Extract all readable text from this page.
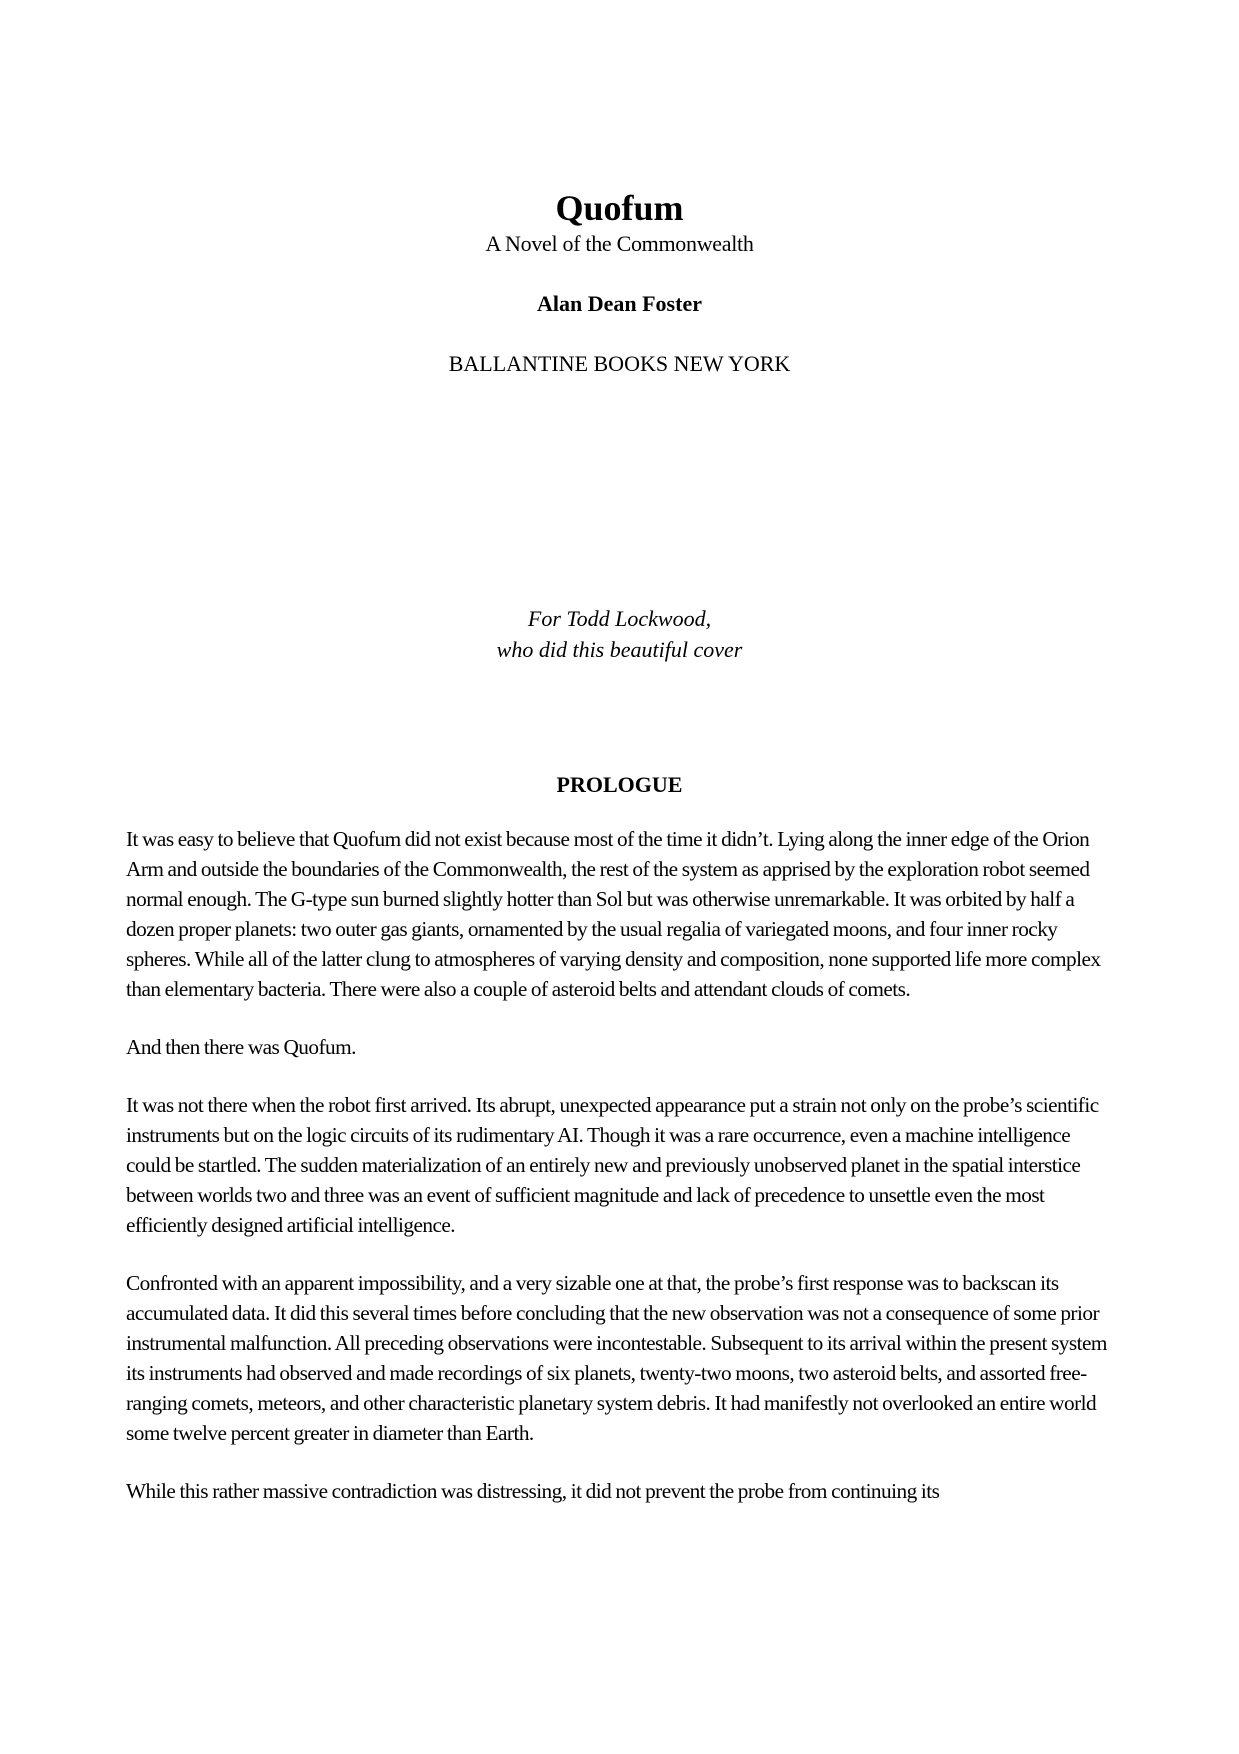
Quofum
A Novel of the Commonwealth
Alan Dean Foster
BALLANTINE BOOKS NEW YORK
For Todd Lockwood,
who did this beautiful cover
PROLOGUE

It was easy to believe that Quofum did not exist because most of the time it didn’t. Lying along the inner edge of the Orion Arm and outside the boundaries of the Commonwealth, the rest of the system as apprised by the exploration robot seemed normal enough. The G-type sun burned slightly hotter than Sol but was otherwise unremarkable. It was orbited by half a dozen proper planets: two outer gas giants, ornamented by the usual regalia of variegated moons, and four inner rocky spheres. While all of the latter clung to atmospheres of varying density and composition, none supported life more complex than elementary bacteria. There were also a couple of asteroid belts and attendant clouds of comets.

And then there was Quofum.

It was not there when the robot first arrived. Its abrupt, unexpected appearance put a strain not only on the probe’s scientific instruments but on the logic circuits of its rudimentary AI. Though it was a rare occurrence, even a machine intelligence could be startled. The sudden materialization of an entirely new and previously unobserved planet in the spatial interstice between worlds two and three was an event of sufficient magnitude and lack of precedence to unsettle even the most efficiently designed artificial intelligence.

Confronted with an apparent impossibility, and a very sizable one at that, the probe’s first response was to backscan its accumulated data. It did this several times before concluding that the new observation was not a consequence of some prior instrumental malfunction. All preceding observations were incontestable. Subsequent to its arrival within the present system its instruments had observed and made recordings of six planets, twenty-two moons, two asteroid belts, and assorted free-ranging comets, meteors, and other characteristic planetary system debris. It had manifestly not overlooked an entire world some twelve percent greater in diameter than Earth.

While this rather massive contradiction was distressing, it did not prevent the probe from continuing its
